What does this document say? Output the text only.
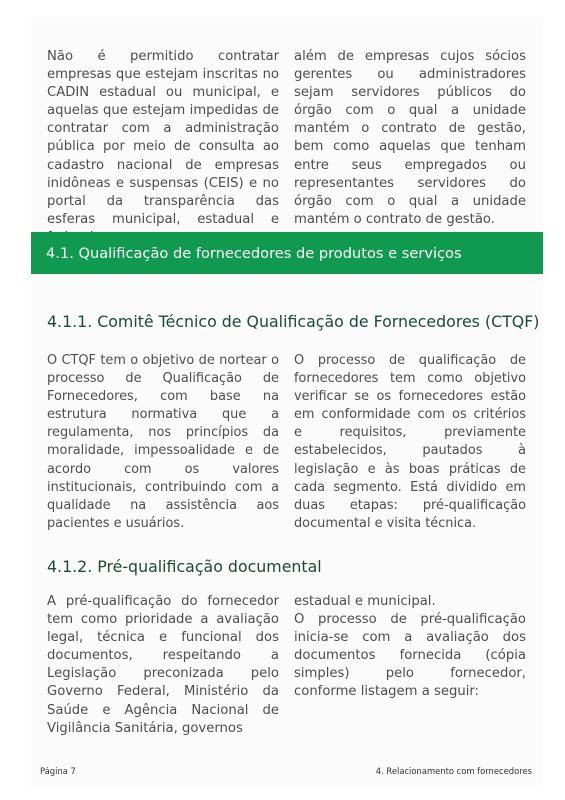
Não é permitido contratar empresas que estejam inscritas no CADIN estadual ou municipal, e aquelas que estejam impedidas de contratar com a administração pública por meio de consulta ao cadastro nacional de empresas inidôneas e suspensas (CEIS) e no portal da transparência das esferas municipal, estadual e
além de empresas cujos sócios gerentes ou administradores sejam servidores públicos do órgão com o qual a unidade mantém o contrato de gestão, bem como aquelas que tenham entre seus empregados ou representantes servidores do órgão com o qual a unidade mantém o contrato de gestão.
4.1. Qualificação de fornecedores de produtos e serviços
4.1.1. Comitê Técnico de Qualificação de Fornecedores (CTQF)
O CTQF tem o objetivo de nortear o processo de Qualificação de Fornecedores, com base na estrutura normativa que a regulamenta, nos princípios da moralidade, impessoalidade e de acordo com os valores institucionais, contribuindo com a qualidade na assistência aos pacientes e usuários.
O processo de qualificação de fornecedores tem como objetivo verificar se os fornecedores estão em conformidade com os critérios e requisitos, previamente estabelecidos, pautados à legislação e às boas práticas de cada segmento. Está dividido em duas etapas: pré-qualificação documental e visita técnica.
4.1.2. Pré-qualificação documental
A pré-qualificação do fornecedor tem como prioridade a avaliação legal, técnica e funcional dos documentos, respeitando a Legislação preconizada pelo Governo Federal, Ministério da Saúde e Agência Nacional de Vigilância Sanitária, governos
estadual e municipal.
O processo de pré-qualificação inicia-se com a avaliação dos documentos fornecida (cópia simples) pelo fornecedor, conforme listagem a seguir:
Página 7	4. Relacionamento com fornecedores
